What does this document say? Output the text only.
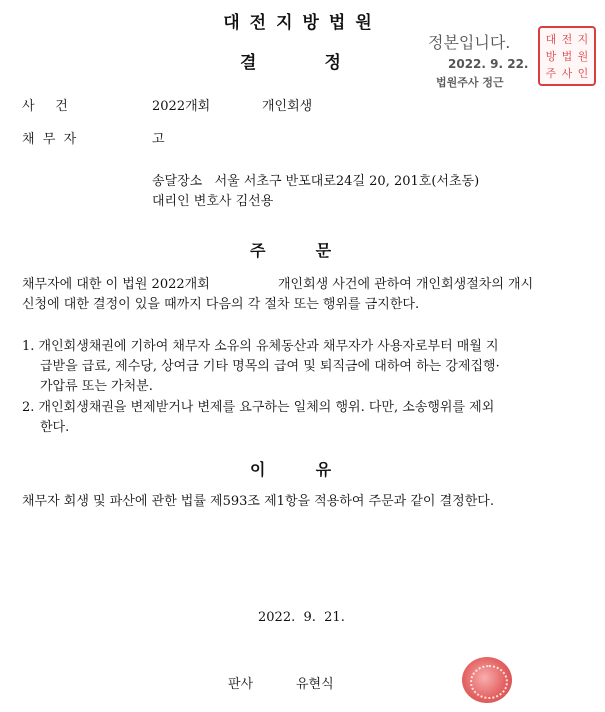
대전지방법원
결	정
정본입니다.
2022. 9. 22.
법원주사 정근
대 전 지
방 법 원
주 사 인
사     건	2022개회	개인회생
채  무  자	고
송달장소   서울 서초구 반포대로24길 20, 201호(서초동)
대리인 변호사 김선용
주         문
채무자에 대한 이 법원 2022개회	개인회생 사건에 관하여 개인회생절차의 개시
신청에 대한 결정이 있을 때까지 다음의 각 절차 또는 행위를 금지한다.
1. 개인회생채권에 기하여 채무자 소유의 유체동산과 채무자가 사용자로부터 매월 지
급받을 급료, 제수당, 상여금 기타 명목의 급여 및 퇴직금에 대하여 하는 강제집행·
가압류 또는 가처분.
2. 개인회생채권을 변제받거나 변제를 요구하는 일체의 행위. 다만, 소송행위를 제외
한다.
이         유
채무자 회생 및 파산에 관한 법률 제593조 제1항을 적용하여 주문과 같이 결정한다.
2022.  9.  21.
판사	유현식
